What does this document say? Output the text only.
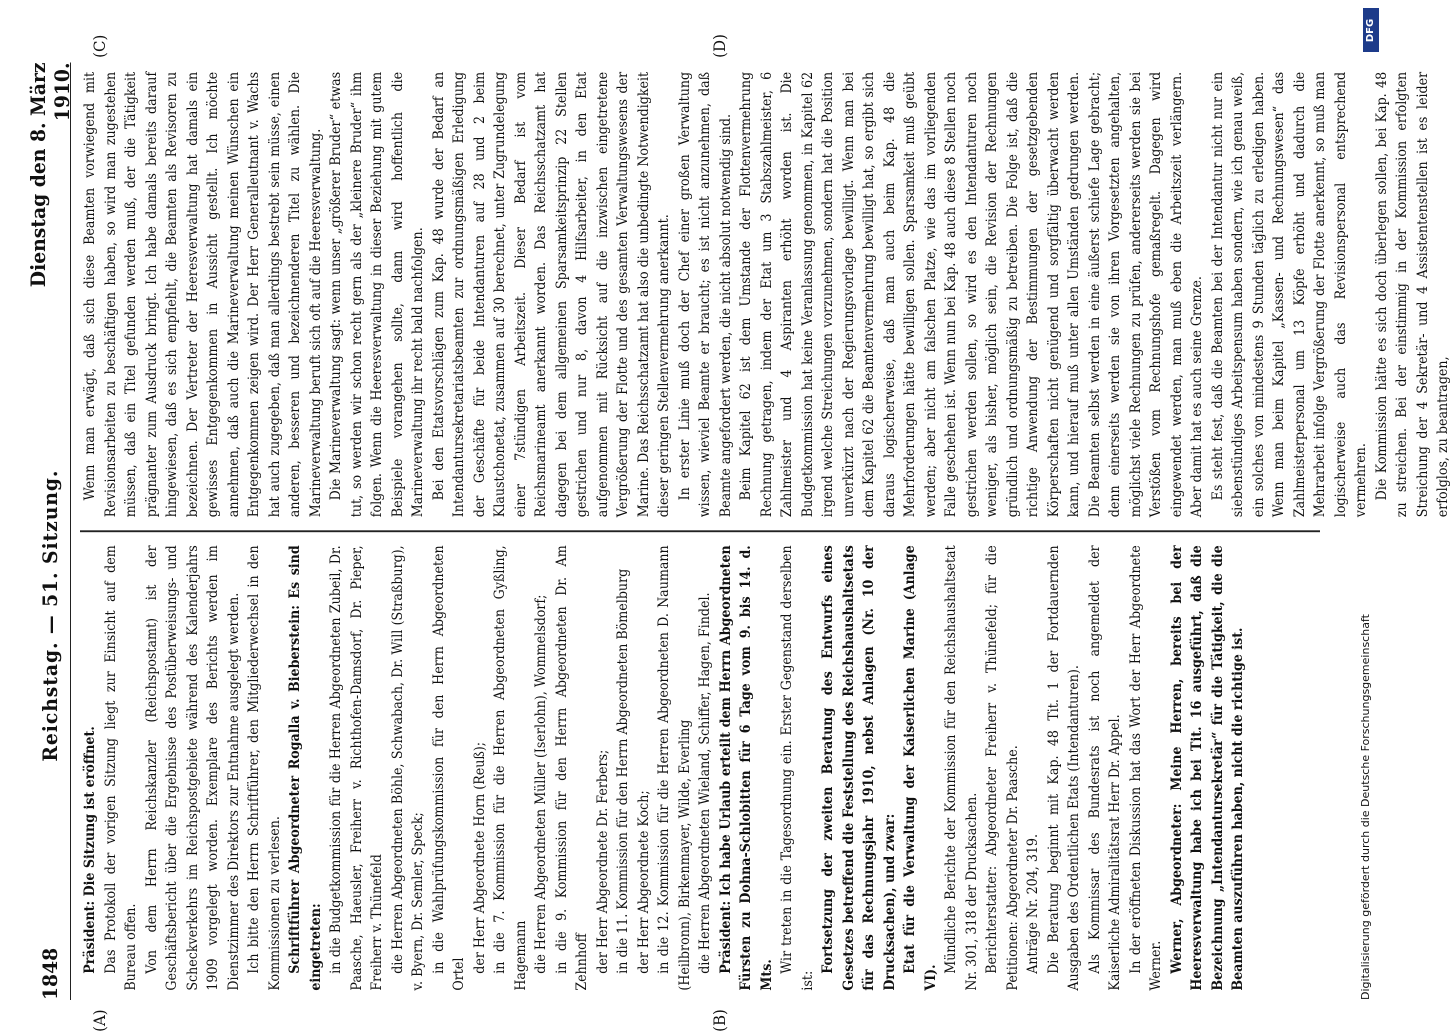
DFG
Digitalisierung gefördert durch die Deutsche Forschungsgemeinschaft
1848
Reichstag. — 51. Sitzung.
Dienstag den 8. März 1910.

Präsident: Die Sitzung ist eröffnet. Das Protokoll der vorigen Sitzung liegt zur Einsicht auf dem Bureau offen. Von dem Herrn Reichskanzler (Reichspostamt) ist der Geschäftsbericht über die Ergebnisse des Postüberweisungs- und Scheckverkehrs im Reichspostgebiete während des Kalenderjahrs 1909 vorgelegt worden. Exemplare des Berichts werden im Dienstzimmer des Direktors zur Entnahme ausgelegt werden. Ich bitte den Herrn Schriftführer, den Mitgliederwechsel in den Kommissionen zu verlesen. Schriftführer Abgeordneter Rogalla v. Bieberstein: Es sind eingetreten: in die Budgetkommission für die Herren Abgeordneten Zubeil, Dr. Paasche, Haeusler, Freiherr v. Richthofen-Damsdorf, Dr. Pieper, Freiherr v. Thünefeld die Herren Abgeordneten Böhle, Schwabach, Dr. Will (Straßburg), v. Byern, Dr. Semler, Speck; in die Wahlprüfungskommission für den Herrn Abgeordneten Ortel

der Herr Abgeordnete Horn (Reuß); in die 7. Kommission für die Herren Abgeordneten Gyßling, Hagemann die Herren Abgeordneten Müller (Iserlohn), Wommelsdorf; in die 9. Kommission für den Herrn Abgeordneten Dr. Am Zehnhoff der Herr Abgeordnete Dr. Ferbers; in die 11. Kommission für den Herrn Abgeordneten Bömelburg der Herr Abgeordnete Koch; in die 12. Kommission für die Herren Abgeordneten D. Naumann (Heilbronn), Birkenmayer, Wilde, Everling die Herren Abgeordneten Wieland, Schiffer, Hagen, Findel. Präsident: Ich habe Urlaub erteilt dem Herrn Abgeordneten Fürsten zu Dohna-Schlobitten für 6 Tage vom 9. bis 14. d. Mts.

Wir treten in die Tagesordnung ein. Erster Gegenstand derselben ist:

Fortsetzung der zweiten Beratung des Entwurfs eines Gesetzes betreffend die Feststellung des Reichshaushaltsetats für das Rechnungsjahr 1910, nebst Anlagen (Nr. 10 der Drucksachen), und zwar: Etat für die Verwaltung der Kaiserlichen Marine (Anlage VI).

Mündliche Berichte der Kommission für den Reichshaushaltsetat Nr. 301, 318 der Drucksachen. Berichterstatter: Abgeordneter Freiherr v. Thünefeld; für die Petitionen: Abgeordneter Dr. Paasche. Anträge Nr. 204, 319. Die Beratung beginnt mit Kap. 48 Tit. 1 der Fortdauernden Ausgaben des Ordentlichen Etats (Intendanturen). Als Kommissar des Bundesrats ist noch angemeldet der Kaiserliche Admiralitätsrat Herr Dr. Appel. In der eröffneten Diskussion hat das Wort der Herr Abgeordnete Werner. Werner, Abgeordneter: Meine Herren, bereits bei der Heeresverwaltung habe ich bei Tit. 16 ausgeführt, daß die Bezeichnung „Intendantursekretär“ für die Tätigkeit, die die Beamten auszuführen haben, nicht die richtige ist.

Wenn man erwägt, daß sich diese Beamten vorwiegend mit Revisionsarbeiten zu beschäftigen haben, so wird man zugestehen müssen, daß ein Titel gefunden werden muß, der die Tätigkeit prägnanter zum Ausdruck bringt. Ich habe damals bereits darauf hingewiesen, daß es sich empfiehlt, die Beamten als Revisoren zu bezeichnen. Der Vertreter der Heeresverwaltung hat damals ein gewisses Entgegenkommen in Aussicht gestellt. Ich möchte annehmen, daß auch die Marineverwaltung meinen Wünschen ein Entgegenkommen zeigen wird. Der Herr Generalleutnant v. Wachs hat auch zugegeben, daß man allerdings bestrebt sein müsse, einen anderen, besseren und bezeichnenderen Titel zu wählen. Die Marineverwaltung beruft sich oft auf die Heeresverwaltung. Die Marineverwaltung sagt: wenn unser „größerer Bruder“ etwas tut, so werden wir schon recht gern als der „kleinere Bruder“ ihm folgen. Wenn die Heeresverwaltung in dieser Beziehung mit gutem Beispiele vorangehen sollte, dann wird hoffentlich die Marineverwaltung ihr recht bald nachfolgen. Bei den Etatsvorschlägen zum Kap. 48 wurde der Bedarf an Intendantursekretariatsbeamten zur ordnungsmäßigen Erledigung der Geschäfte für beide Intendanturen auf 28 und 2 beim Klaustchonetat, zusammen auf 30 berechnet, unter Zugrundelegung einer 7stündigen Arbeitszeit. Dieser Bedarf ist vom Reichsmarineamt anerkannt worden. Das Reichsschatzamt hat dagegen bei dem allgemeinen Sparsamkeitsprinzip 22 Stellen gestrichen und nur 8, davon 4 Hilfsarbeiter, in den Etat aufgenommen mit Rücksicht auf die inzwischen eingetretene Vergrößerung der Flotte und des gesamten Verwaltungswesens der Marine. Das Reichsschatzamt hat also die unbedingte Notwendigkeit dieser geringen Stellenvermehrung anerkannt. In erster Linie muß doch der Chef einer großen Verwaltung wissen, wieviel Beamte er braucht; es ist nicht anzunehmen, daß Beamte angefordert werden, die nicht absolut notwendig sind. Beim Kapitel 62 ist dem Umstande der Flottenvermehrung Rechnung getragen, indem der Etat um 3 Stabszahlmeister, 6 Zahlmeister und 4 Aspiranten erhöht worden ist. Die Budgetkommission hat keine Veranlassung genommen, in Kapitel 62 irgend welche Streichungen vorzunehmen, sondern hat die Position unverkürzt nach der Regierungsvorlage bewilligt. Wenn man bei dem Kapitel 62 die Beamtenvermehrung bewilligt hat, so ergibt sich daraus logischerweise, daß man auch beim Kap. 48 die Mehrforderungen hätte bewilligen sollen. Sparsamkeit muß geübt werden; aber nicht am falschen Platze, wie das im vorliegenden Falle geschehen ist. Wenn nun bei Kap. 48 auch diese 8 Stellen noch gestrichen werden sollen, so wird es den Intendanturen noch weniger, als bisher, möglich sein, die Revision der Rechnungen gründlich und ordnungsmäßig zu betreiben. Die Folge ist, daß die richtige Anwendung der Bestimmungen der gesetzgebenden Körperschaften nicht genügend und sorgfältig überwacht werden kann, und hierauf muß unter allen Umständen gedrungen werden. Die Beamten selbst werden in eine äußerst schiefe Lage gebracht; denn einerseits werden sie von ihren Vorgesetzten angehalten, möglichst viele Rechnungen zu prüfen, andererseits werden sie bei Verstößen vom Rechnungshofe gemaßregelt. Dagegen wird eingewendet werden, man muß eben die Arbeitszeit verlängern. Aber damit hat es auch seine Grenze. Es steht fest, daß die Beamten bei der Intendantur nicht nur ein siebenstündiges Arbeitspensum haben sondern, wie ich genau weiß, ein solches von mindestens 9 Stunden täglich zu erledigen haben. Wenn man beim Kapitel „Kassen- und Rechnungswesen“ das Zahlmeisterpersonal um 13 Köpfe erhöht und dadurch die Mehrarbeit infolge Vergrößerung der Flotte anerkennt, so muß man logischerweise auch das Revisionspersonal entsprechend vermehren. Die Kommission hätte es sich doch überlegen sollen, bei Kap. 48 zu streichen. Bei der einstimmig in der Kommission erfolgten Streichung der 4 Sekretär- und 4 Assistentenstellen ist es leider erfolglos, zu beantragen,

(A)	(B)
(C)	(D)
